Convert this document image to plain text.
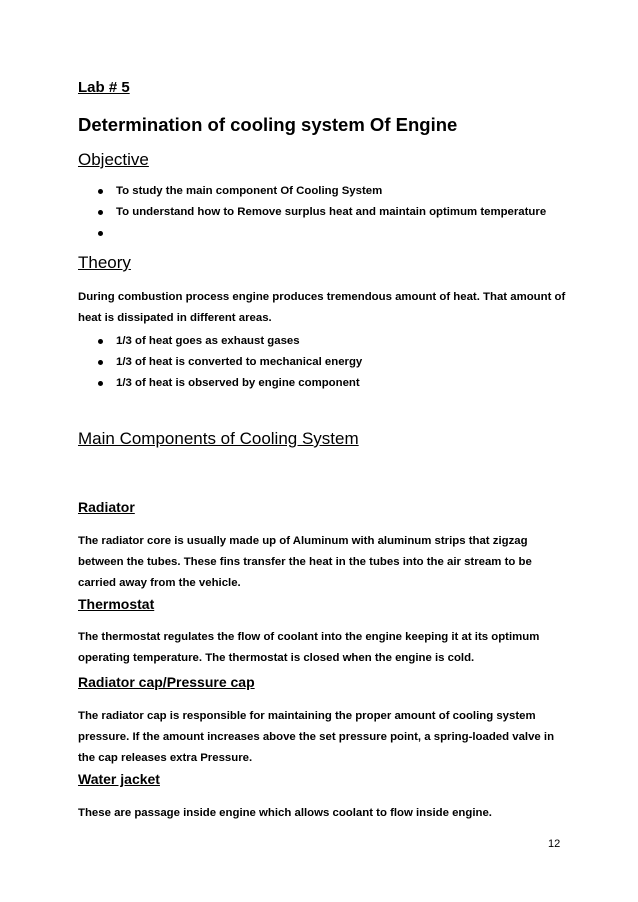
Lab # 5
Determination of cooling system Of Engine
Objective
To study the main component Of Cooling System
To understand how to Remove surplus heat and maintain optimum temperature
Theory

During combustion process engine produces tremendous amount of heat. That amount of heat is dissipated in different areas.

1/3 of heat goes as exhaust gases
1/3 of heat is converted to mechanical energy
1/3 of heat is observed by engine component
Main Components of Cooling System
Radiator

The radiator core is usually made up of Aluminum with aluminum strips that zigzag between the tubes. These fins transfer the heat in the tubes into the air stream to be carried away from the vehicle.

Thermostat

The thermostat regulates the flow of coolant into the engine keeping it at its optimum operating temperature. The thermostat is closed when the engine is cold.

Radiator cap/Pressure cap

The radiator cap is responsible for maintaining the proper amount of cooling system pressure. If the amount increases above the set pressure point, a spring-loaded valve in the cap releases extra Pressure.

Water jacket

These are passage inside engine which allows coolant to flow inside engine.

12
